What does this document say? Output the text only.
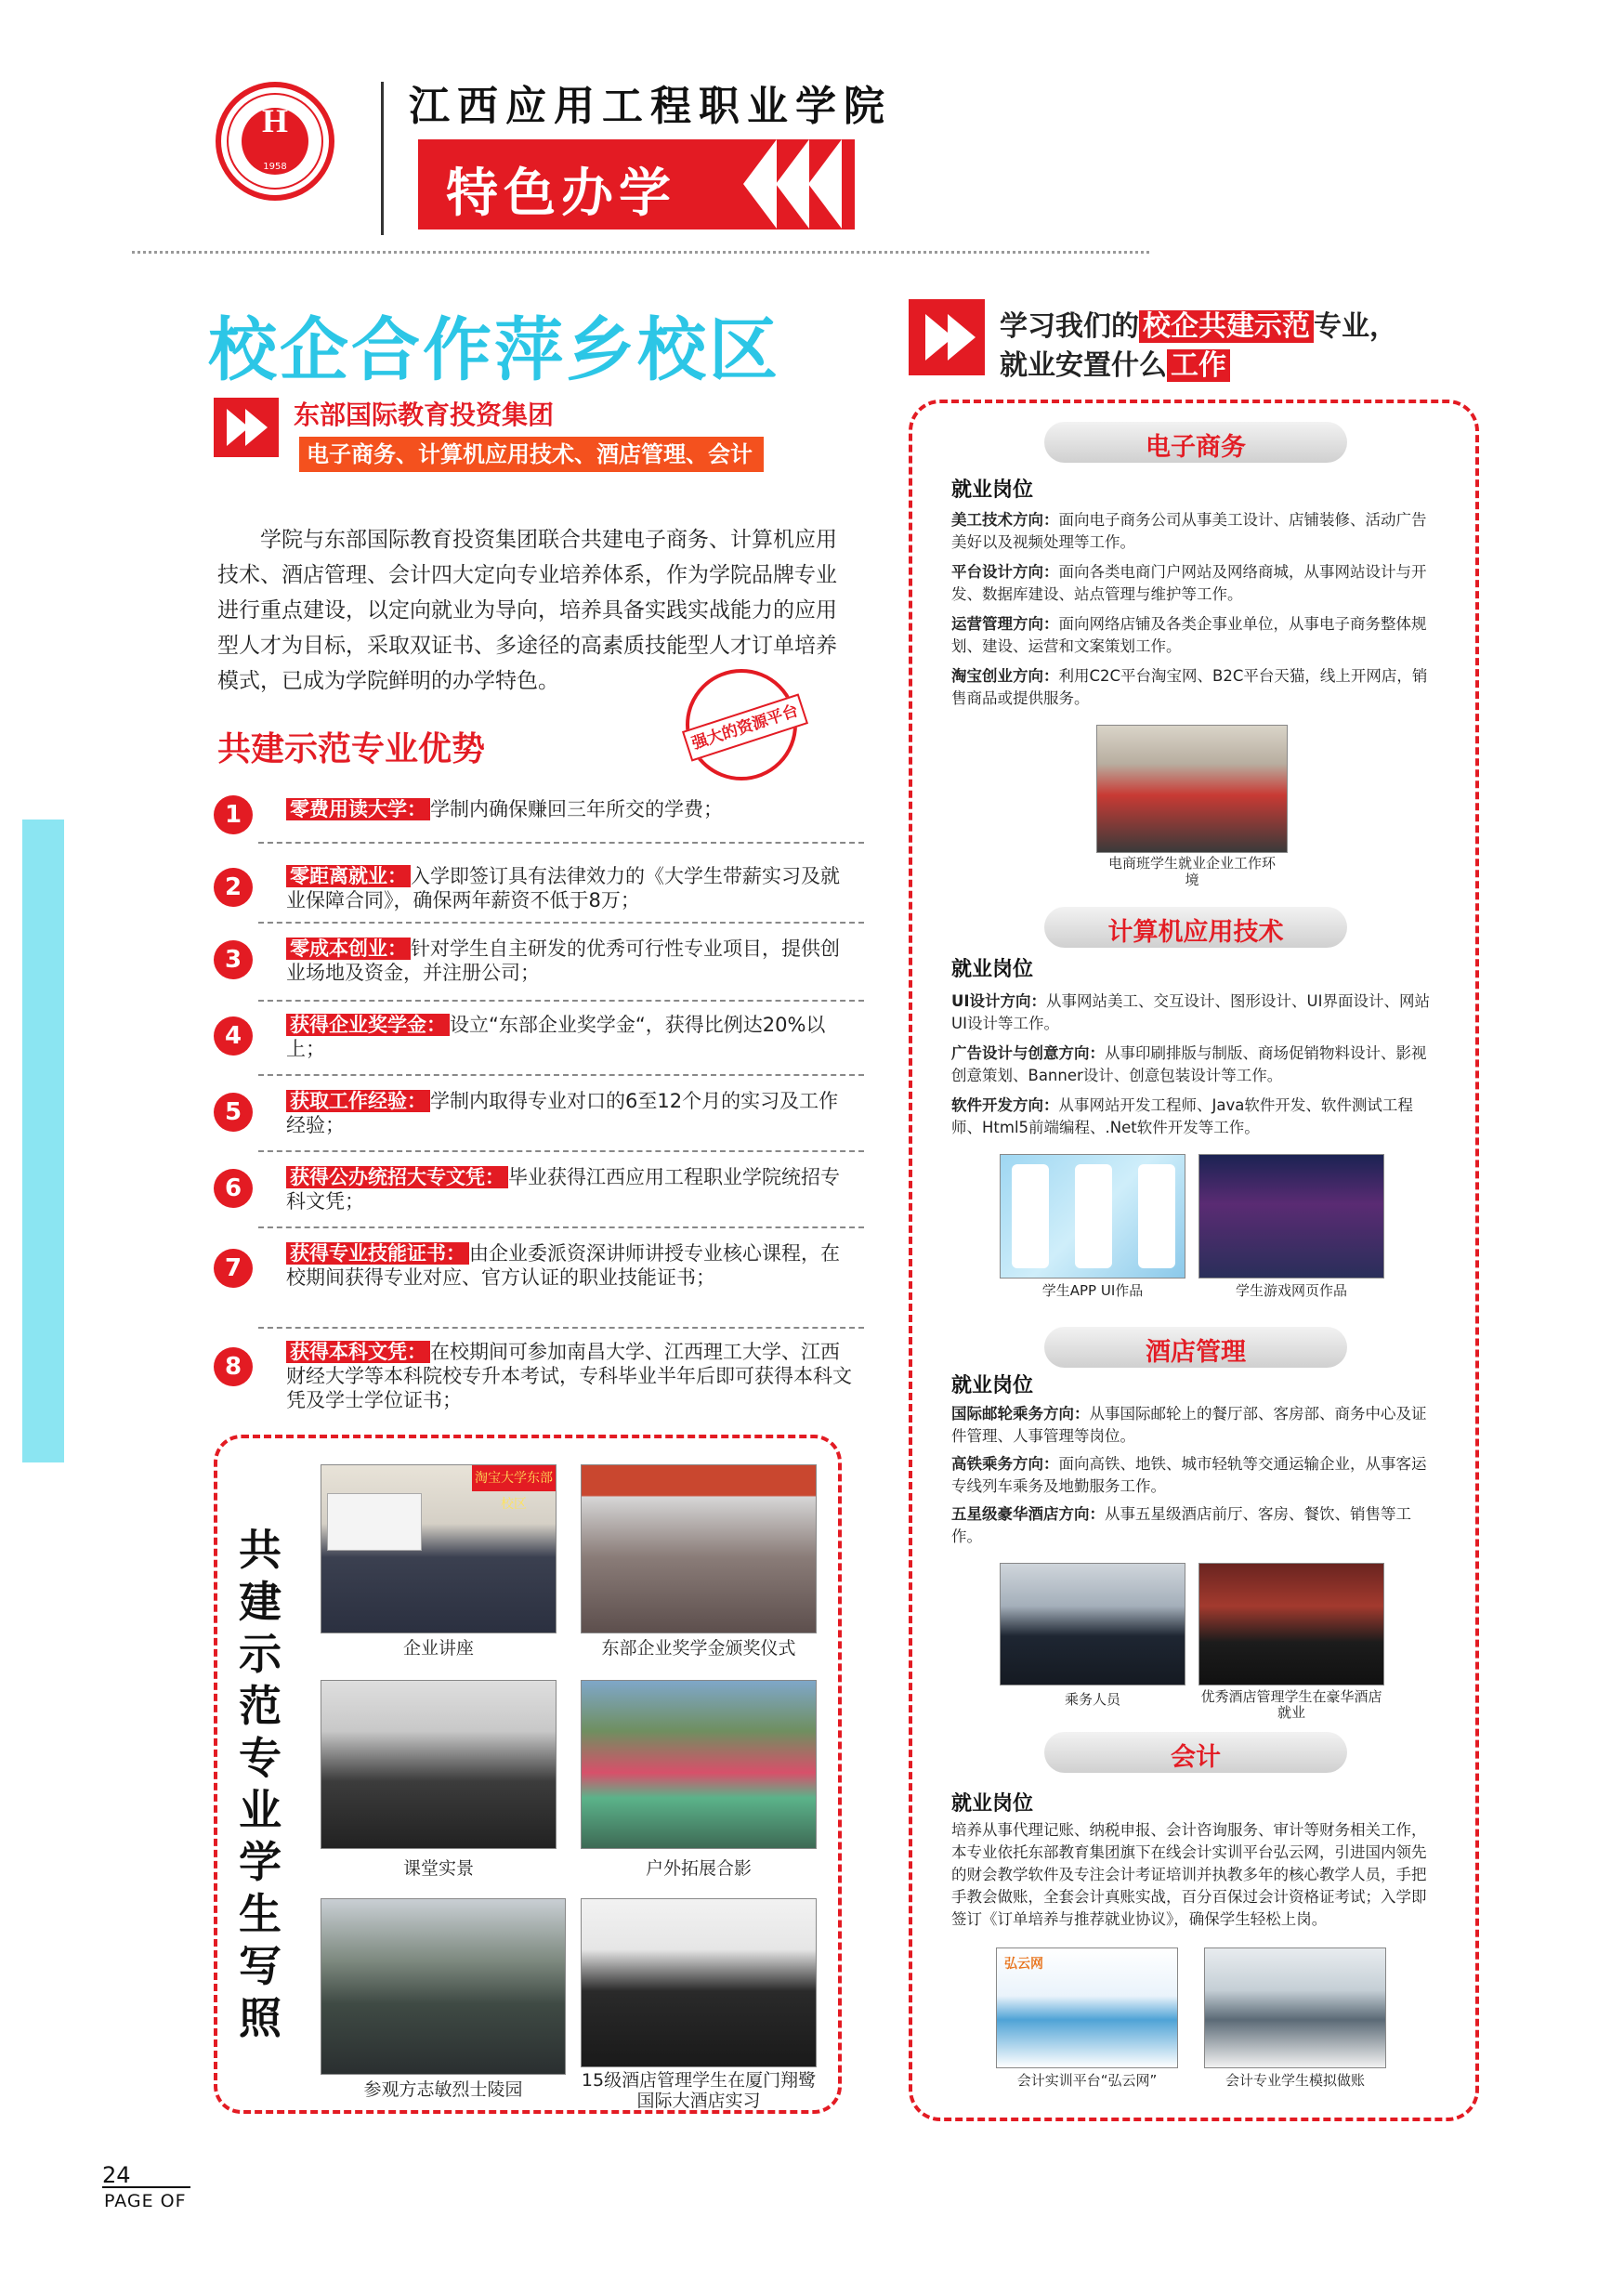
H
1958
江西应用工程职业学院
特色办学
校企合作萍乡校区
东部国际教育投资集团
电子商务、计算机应用技术、酒店管理、会计
学院与东部国际教育投资集团联合共建电子商务、计算机应用技术、酒店管理、会计四大定向专业培养体系，作为学院品牌专业进行重点建设，以定向就业为导向，培养具备实践实战能力的应用型人才为目标，采取双证书、多途径的高素质技能型人才订单培养模式，已成为学院鲜明的办学特色。
强大的资源平台
共建示范专业优势
1	零费用读大学： 学制内确保赚回三年所交的学费；
2	零距离就业： 入学即签订具有法律效力的《大学生带薪实习及就业保障合同》，确保两年薪资不低于8万；
3	零成本创业： 针对学生自主研发的优秀可行性专业项目，提供创业场地及资金，并注册公司；
4	获得企业奖学金： 设立“东部企业奖学金“，获得比例达20%以上；
5	获取工作经验： 学制内取得专业对口的6至12个月的实习及工作经验；
6	获得公办统招大专文凭： 毕业获得江西应用工程职业学院统招专科文凭；
7
获得专业技能证书： 由企业委派资深讲师讲授专业核心课程，在校期间获得专业对应、官方认证的职业技能证书；
8
获得本科文凭： 在校期间可参加南昌大学、江西理工大学、江西财经大学等本科院校专升本考试，专科毕业半年后即可获得本科文凭及学士学位证书；
共建示范专业学生写照
淘宝大学东部校区
企业讲座	东部企业奖学金颁奖仪式
课堂实景	户外拓展合影
参观方志敏烈士陵园	15级酒店管理学生在厦门翔鹭国际大酒店实习
学习我们的 校企共建示范 专业，
就业安置什么 工作
电子商务
就业岗位
美工技术方向：面向电子商务公司从事美工设计、店铺装修、活动广告美好以及视频处理等工作。
平台设计方向：面向各类电商门户网站及网络商城，从事网站设计与开发、数据库建设、站点管理与维护等工作。
运营管理方向：面向网络店铺及各类企事业单位，从事电子商务整体规划、建设、运营和文案策划工作。
淘宝创业方向：利用C2C平台淘宝网、B2C平台天猫，线上开网店，销售商品或提供服务。
电商班学生就业企业工作环境
计算机应用技术
就业岗位
UI设计方向：从事网站美工、交互设计、图形设计、UI界面设计、网站UI设计等工作。
广告设计与创意方向：从事印刷排版与制版、商场促销物料设计、影视创意策划、Banner设计、创意包装设计等工作。
软件开发方向：从事网站开发工程师、Java软件开发、软件测试工程师、Html5前端编程、.Net软件开发等工作。
学生APP UI作品	学生游戏网页作品
酒店管理
就业岗位
国际邮轮乘务方向：从事国际邮轮上的餐厅部、客房部、商务中心及证件管理、人事管理等岗位。
高铁乘务方向：面向高铁、地铁、城市轻轨等交通运输企业，从事客运专线列车乘务及地勤服务工作。
五星级豪华酒店方向：从事五星级酒店前厅、客房、餐饮、销售等工作。
乘务人员	优秀酒店管理学生在豪华酒店就业
会计
就业岗位
培养从事代理记账、纳税申报、会计咨询服务、审计等财务相关工作，本专业依托东部教育集团旗下在线会计实训平台弘云网，引进国内领先的财会教学软件及专注会计考证培训并执教多年的核心教学人员，手把手教会做账，全套会计真账实战，百分百保过会计资格证考试；入学即签订《订单培养与推荐就业协议》，确保学生轻松上岗。
弘云网
会计实训平台“弘云网”	会计专业学生模拟做账
24
PAGE OF
